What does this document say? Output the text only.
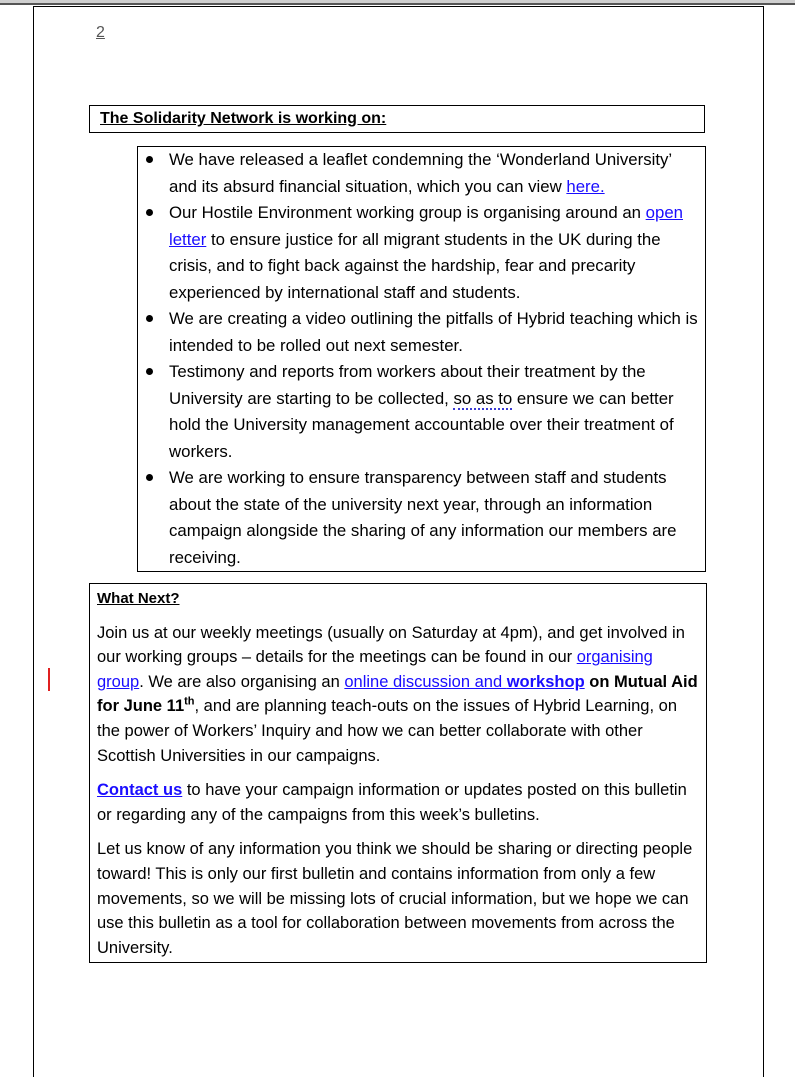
2
The Solidarity Network is working on:
We have released a leaflet condemning the ‘Wonderland University’ and its absurd financial situation, which you can view here.
Our Hostile Environment working group is organising around an open letter to ensure justice for all migrant students in the UK during the crisis, and to fight back against the hardship, fear and precarity experienced by international staff and students.
We are creating a video outlining the pitfalls of Hybrid teaching which is intended to be rolled out next semester.
Testimony and reports from workers about their treatment by the University are starting to be collected, so as to ensure we can better hold the University management accountable over their treatment of workers.
We are working to ensure transparency between staff and students about the state of the university next year, through an information campaign alongside the sharing of any information our members are receiving.

What Next?

Join us at our weekly meetings (usually on Saturday at 4pm), and get involved in our working groups – details for the meetings can be found in our organising group. We are also organising an online discussion and workshop on Mutual Aid for June 11th, and are planning teach-outs on the issues of Hybrid Learning, on the power of Workers’ Inquiry and how we can better collaborate with other Scottish Universities in our campaigns.

Contact us to have your campaign information or updates posted on this bulletin or regarding any of the campaigns from this week’s bulletins.

Let us know of any information you think we should be sharing or directing people toward! This is only our first bulletin and contains information from only a few movements, so we will be missing lots of crucial information, but we hope we can use this bulletin as a tool for collaboration between movements from across the University.
